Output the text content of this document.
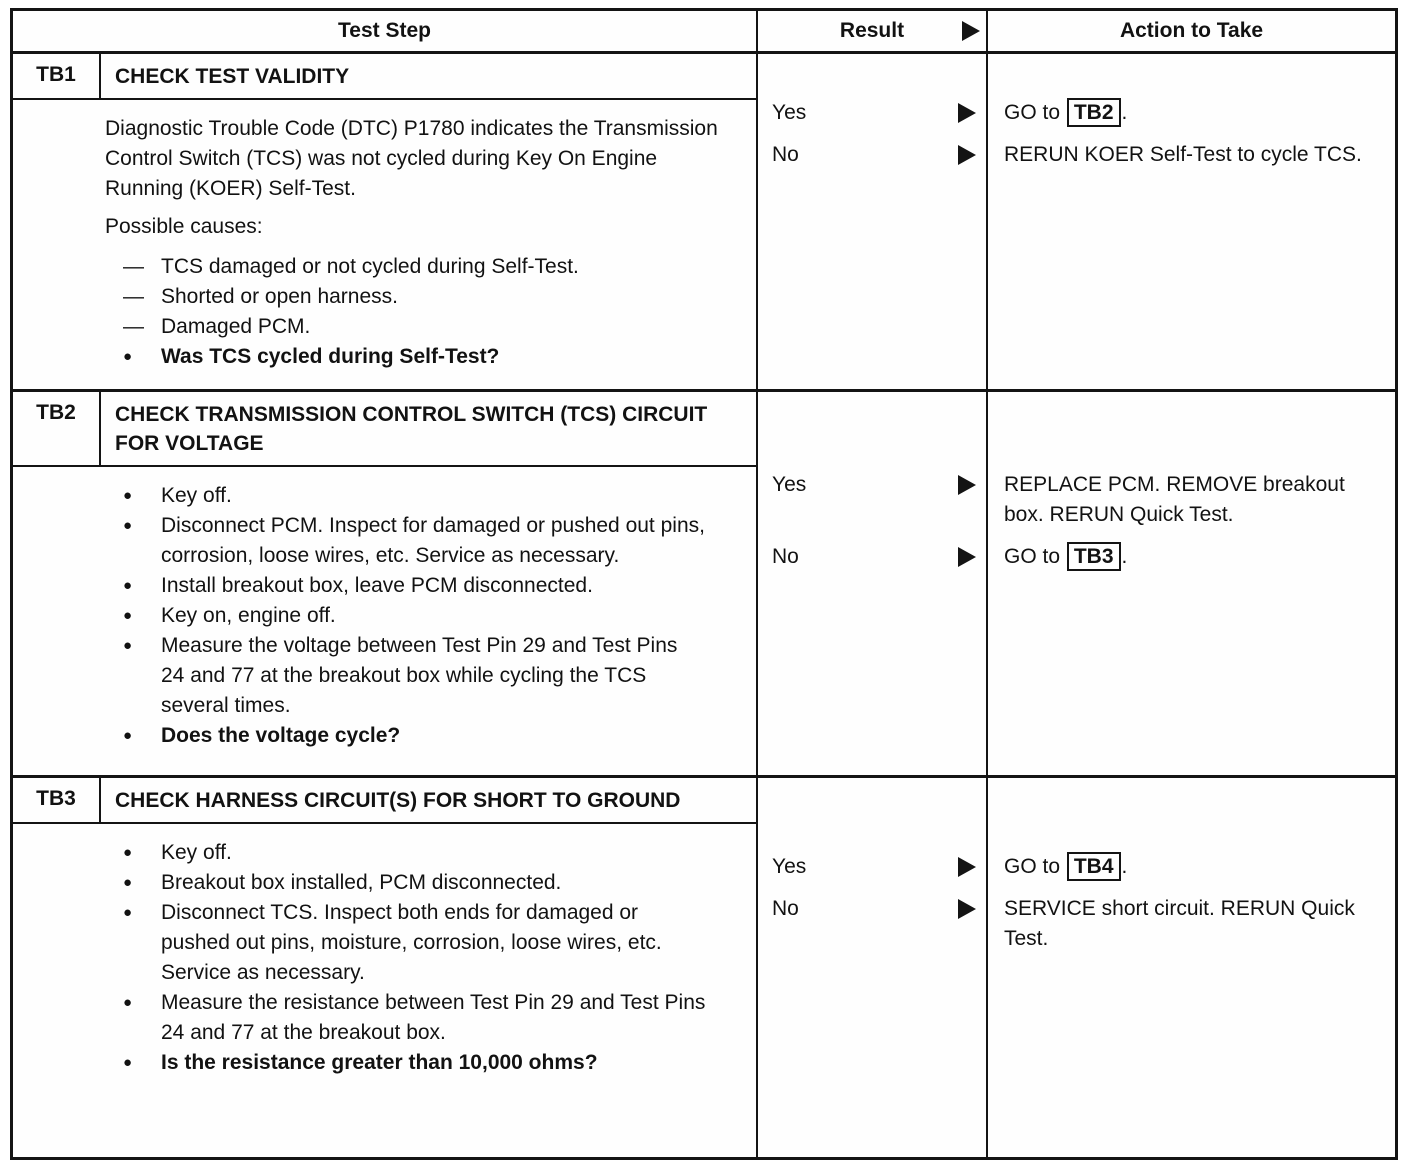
Test Step	Result	Action to Take
TB1	CHECK TEST VALIDITY
Diagnostic Trouble Code (DTC) P1780 indicates the Transmission Control Switch (TCS) was not cycled during Key On Engine Running (KOER) Self-Test.
Possible causes:
— TCS damaged or not cycled during Self-Test.
— Shorted or open harness.
— Damaged PCM.
●	Was TCS cycled during Self-Test?
Yes	GO to TB2 .
No	RERUN KOER Self-Test to cycle TCS.
TB2	CHECK TRANSMISSION CONTROL SWITCH (TCS) CIRCUIT FOR VOLTAGE
●	Key off.
●	Disconnect PCM. Inspect for damaged or pushed out pins, corrosion, loose wires, etc. Service as necessary.
●	Install breakout box, leave PCM disconnected.
●	Key on, engine off.
●	Measure the voltage between Test Pin 29 and Test Pins 24 and 77 at the breakout box while cycling the TCS several times.
●	Does the voltage cycle?
Yes	REPLACE PCM. REMOVE breakout box. RERUN Quick Test.
No	GO to TB3 .
TB3	CHECK HARNESS CIRCUIT(S) FOR SHORT TO GROUND
●	Key off.
●	Breakout box installed, PCM disconnected.
●	Disconnect TCS. Inspect both ends for damaged or pushed out pins, moisture, corrosion, loose wires, etc. Service as necessary.
●	Measure the resistance between Test Pin 29 and Test Pins 24 and 77 at the breakout box.
●	Is the resistance greater than 10,000 ohms?
Yes	GO to TB4 .
No	SERVICE short circuit. RERUN Quick Test.
